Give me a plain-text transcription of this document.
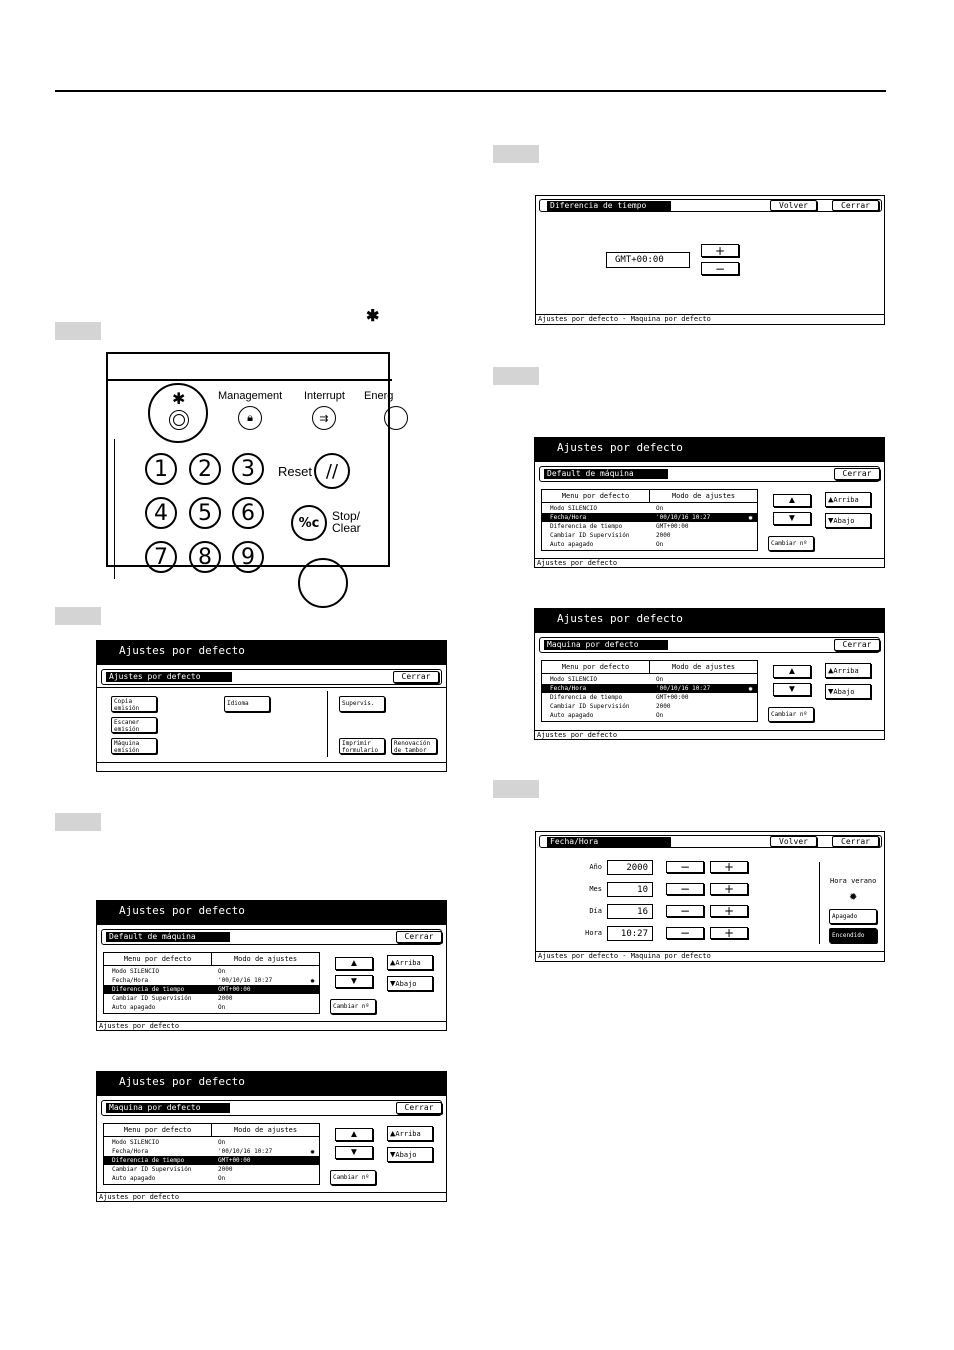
✱
✱	Management
🔒︎
Interrupt
⇉
Energ
1	2	3
4	5	6
7	8	9
Reset //
%c Stop/
Clear
Ajustes por defecto
Ajustes por defecto	Cerrar
Copia
emisión
Escaner
emisión
Máquina
emisión
Idioma	Supervis.
Imprimir
formulario
Renovación
de tambor
Ajustes por defecto
Default de máquina	Cerrar
Menu por defecto	Modo de ajustes
Modo SILENCIO	On
Fecha/Hora	'00/10/16 10:27	✹
Diferencia de tiempo	GMT+00:00
Cambiar ID Supervisión	2000
Auto apagado	On
▲
▼
▲ Arriba
▼ Abajo
Cambiar nº
Ajustes por defecto
Ajustes por defecto
Maquina por defecto	Cerrar
Menu por defecto	Modo de ajustes
Modo SILENCIO	On
Fecha/Hora	'00/10/16 10:27	✹
Diferencia de tiempo	GMT+00:00
Cambiar ID Supervisión	2000
Auto apagado	On
▲
▼
▲ Arriba
▼ Abajo
Cambiar nº
Ajustes por defecto
Ajustes por defecto
Default de máquina	Cerrar
Menu por defecto	Modo de ajustes
Modo SILENCIO	On
Fecha/Hora	'00/10/16 10:27	✹
Diferencia de tiempo	GMT+00:00
Cambiar ID Supervisión	2000
Auto apagado	On
▲
▼
▲ Arriba
▼ Abajo
Cambiar nº
Ajustes por defecto
Ajustes por defecto
Maquina por defecto	Cerrar
Menu por defecto	Modo de ajustes
Modo SILENCIO	On
Fecha/Hora	'00/10/16 10:27	✹
Diferencia de tiempo	GMT+00:00
Cambiar ID Supervisión	2000
Auto apagado	On
▲
▼
▲ Arriba
▼ Abajo
Cambiar nº
Ajustes por defecto
Diferencia de tiempo	Volver	Cerrar
GMT+00:00
+
−
Ajustes por defecto - Maquina por defecto
Fecha/Hora	Volver	Cerrar
Año	2000	−	+
Mes	10	−	+
Día	16	−	+
Hora	10:27	−	+
Hora verano
✹
Apagado
Encendido
Ajustes por defecto - Maquina por defecto
